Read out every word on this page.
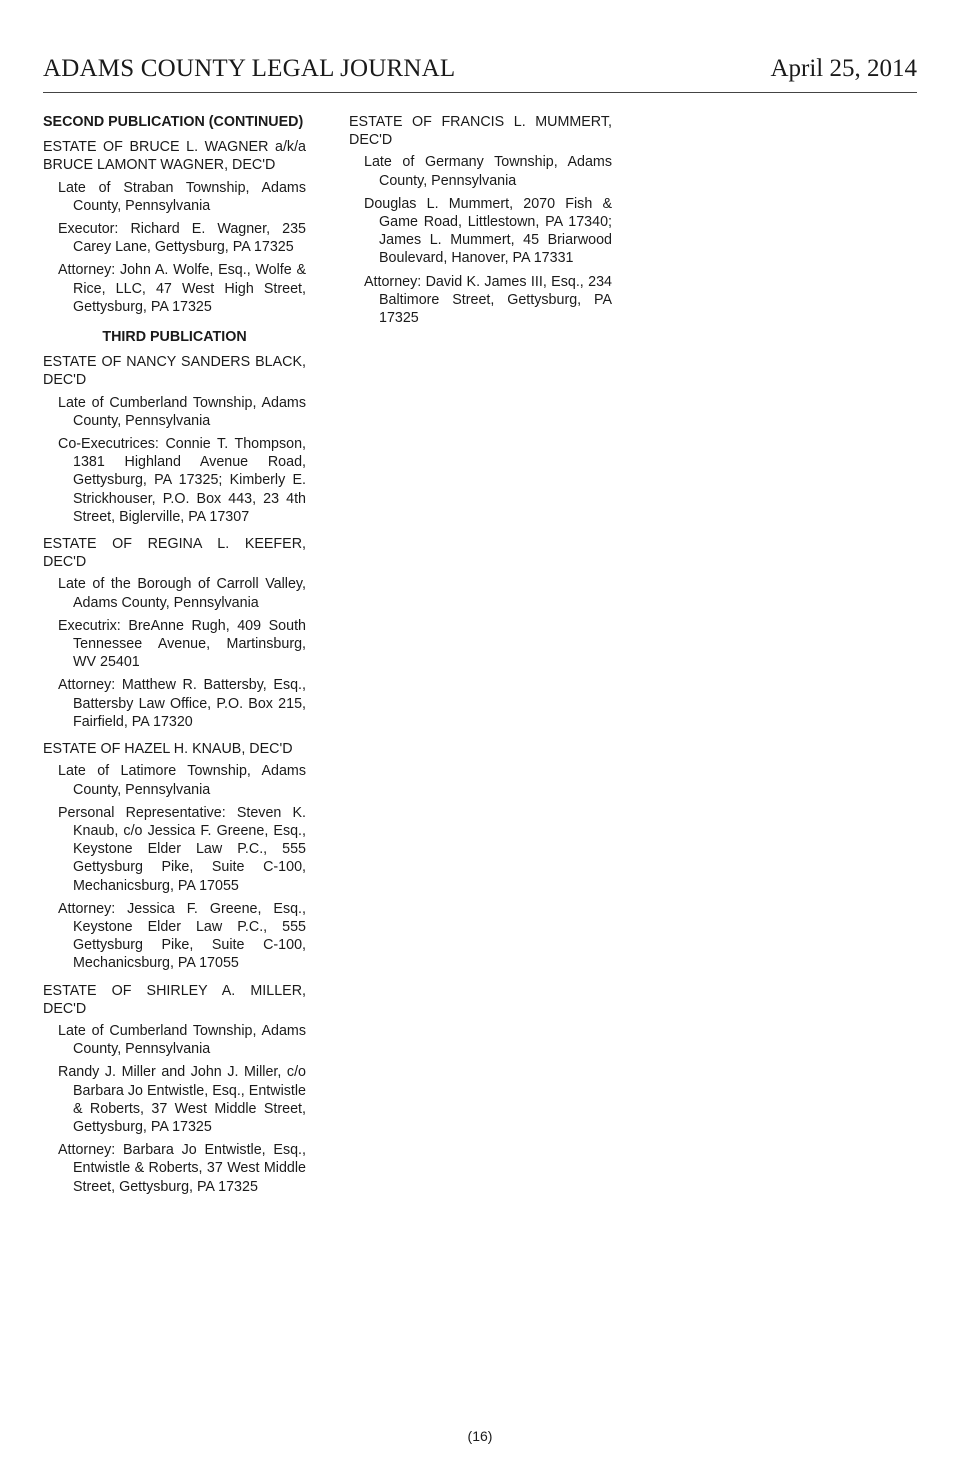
ADAMS COUNTY LEGAL JOURNAL	April 25, 2014
SECOND PUBLICATION (CONTINUED)
ESTATE OF BRUCE L. WAGNER a/k/a BRUCE LAMONT WAGNER, DEC'D
Late of Straban Township, Adams County, Pennsylvania
Executor: Richard E. Wagner, 235 Carey Lane, Gettysburg, PA 17325
Attorney: John A. Wolfe, Esq., Wolfe & Rice, LLC, 47 West High Street, Gettysburg, PA 17325
THIRD PUBLICATION
ESTATE OF NANCY SANDERS BLACK, DEC'D
Late of Cumberland Township, Adams County, Pennsylvania
Co-Executrices: Connie T. Thompson, 1381 Highland Avenue Road, Gettysburg, PA 17325; Kimberly E. Strickhouser, P.O. Box 443, 23 4th Street, Biglerville, PA 17307
ESTATE OF REGINA L. KEEFER, DEC'D
Late of the Borough of Carroll Valley, Adams County, Pennsylvania
Executrix: BreAnne Rugh, 409 South Tennessee Avenue, Martinsburg, WV 25401
Attorney: Matthew R. Battersby, Esq., Battersby Law Office, P.O. Box 215, Fairfield, PA 17320
ESTATE OF HAZEL H. KNAUB, DEC'D
Late of Latimore Township, Adams County, Pennsylvania
Personal Representative: Steven K. Knaub, c/o Jessica F. Greene, Esq., Keystone Elder Law P.C., 555 Gettysburg Pike, Suite C-100, Mechanicsburg, PA 17055
Attorney: Jessica F. Greene, Esq., Keystone Elder Law P.C., 555 Gettysburg Pike, Suite C-100, Mechanicsburg, PA 17055
ESTATE OF SHIRLEY A. MILLER, DEC'D
Late of Cumberland Township, Adams County, Pennsylvania
Randy J. Miller and John J. Miller, c/o Barbara Jo Entwistle, Esq., Entwistle & Roberts, 37 West Middle Street, Gettysburg, PA 17325
Attorney: Barbara Jo Entwistle, Esq., Entwistle & Roberts, 37 West Middle Street, Gettysburg, PA 17325
ESTATE OF FRANCIS L. MUMMERT, DEC'D
Late of Germany Township, Adams County, Pennsylvania
Douglas L. Mummert, 2070 Fish & Game Road, Littlestown, PA 17340; James L. Mummert, 45 Briarwood Boulevard, Hanover, PA 17331
Attorney: David K. James III, Esq., 234 Baltimore Street, Gettysburg, PA 17325
(16)
